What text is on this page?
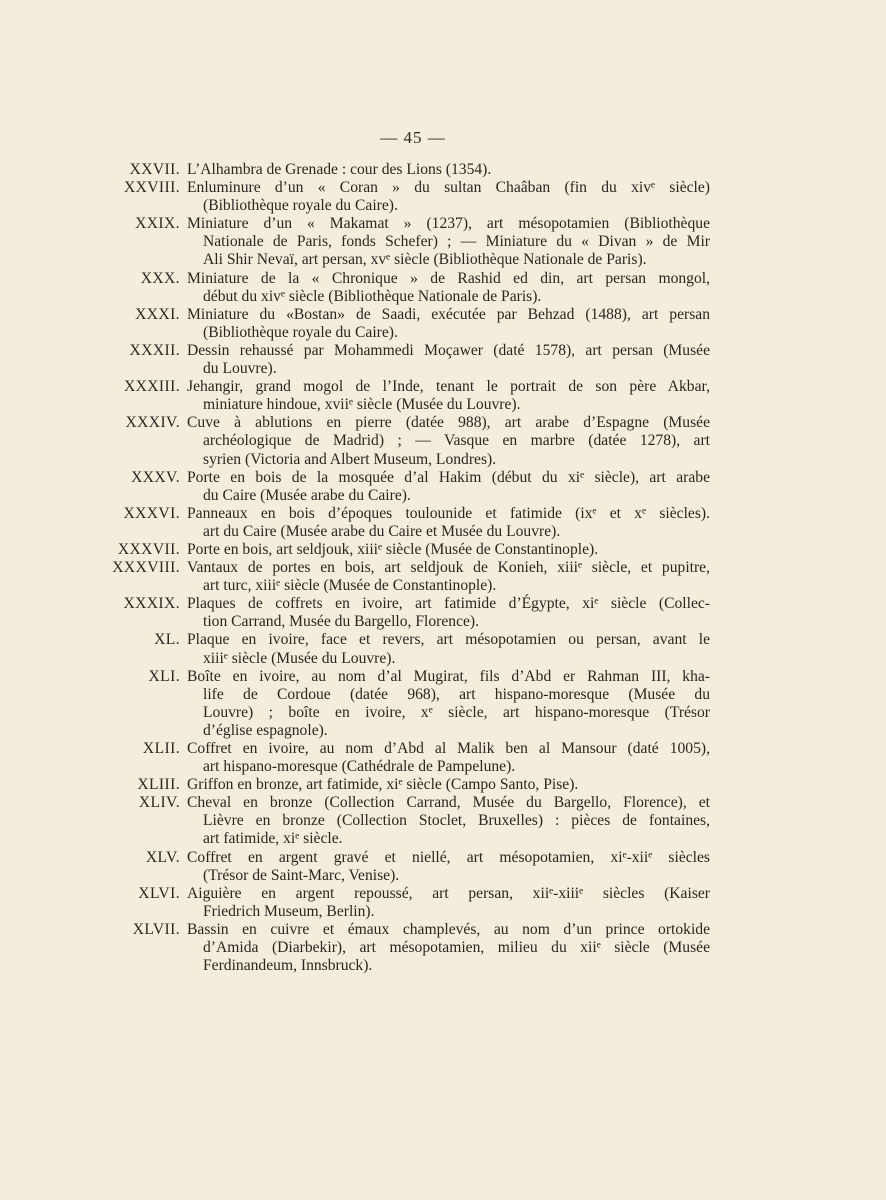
— 45 —
XXVII. L’Alhambra de Grenade : cour des Lions (1354).
XXVIII. Enluminure d’un « Coran » du sultan Chaâban (fin du xivᵉ siècle)
(Bibliothèque royale du Caire).
XXIX. Miniature d’un « Makamat » (1237), art mésopotamien (Bibliothèque
Nationale de Paris, fonds Schefer) ; — Miniature du « Divan » de Mir
Ali Shir Nevaï, art persan, xvᵉ siècle (Bibliothèque Nationale de Paris).
XXX. Miniature de la « Chronique » de Rashid ed din, art persan mongol,
début du xivᵉ siècle (Bibliothèque Nationale de Paris).
XXXI. Miniature du «Bostan» de Saadi, exécutée par Behzad (1488), art persan
(Bibliothèque royale du Caire).
XXXII. Dessin rehaussé par Mohammedi Moçawer (daté 1578), art persan (Musée
du Louvre).
XXXIII. Jehangir, grand mogol de l’Inde, tenant le portrait de son père Akbar,
miniature hindoue, xviiᵉ siècle (Musée du Louvre).
XXXIV. Cuve à ablutions en pierre (datée 988), art arabe d’Espagne (Musée
archéologique de Madrid) ; — Vasque en marbre (datée 1278), art
syrien (Victoria and Albert Museum, Londres).
XXXV. Porte en bois de la mosquée d’al Hakim (début du xiᵉ siècle), art arabe
du Caire (Musée arabe du Caire).
XXXVI. Panneaux en bois d’époques toulounide et fatimide (ixᵉ et xᵉ siècles).
art du Caire (Musée arabe du Caire et Musée du Louvre).
XXXVII. Porte en bois, art seldjouk, xiiiᵉ siècle (Musée de Constantinople).
XXXVIII. Vantaux de portes en bois, art seldjouk de Konieh, xiiiᵉ siècle, et pupitre,
art turc, xiiiᵉ siècle (Musée de Constantinople).
XXXIX. Plaques de coffrets en ivoire, art fatimide d’Égypte, xiᵉ siècle (Collec-
tion Carrand, Musée du Bargello, Florence).
XL. Plaque en ivoire, face et revers, art mésopotamien ou persan, avant le
xiiiᵉ siècle (Musée du Louvre).
XLI. Boîte en ivoire, au nom d’al Mugirat, fils d’Abd er Rahman III, kha-
life de Cordoue (datée 968), art hispano-moresque (Musée du
Louvre) ; boîte en ivoire, xᵉ siècle, art hispano-moresque (Trésor
d’église espagnole).
XLII. Coffret en ivoire, au nom d’Abd al Malik ben al Mansour (daté 1005),
art hispano-moresque (Cathédrale de Pampelune).
XLIII. Griffon en bronze, art fatimide, xiᵉ siècle (Campo Santo, Pise).
XLIV. Cheval en bronze (Collection Carrand, Musée du Bargello, Florence), et
Lièvre en bronze (Collection Stoclet, Bruxelles) : pièces de fontaines,
art fatimide, xiᵉ siècle.
XLV. Coffret en argent gravé et niellé, art mésopotamien, xiᵉ-xiiᵉ siècles
(Trésor de Saint-Marc, Venise).
XLVI. Aiguière en argent repoussé, art persan, xiiᵉ-xiiiᵉ siècles (Kaiser
Friedrich Museum, Berlin).
XLVII. Bassin en cuivre et émaux champlevés, au nom d’un prince ortokide
d’Amida (Diarbekir), art mésopotamien, milieu du xiiᵉ siècle (Musée
Ferdinandeum, Innsbruck).
